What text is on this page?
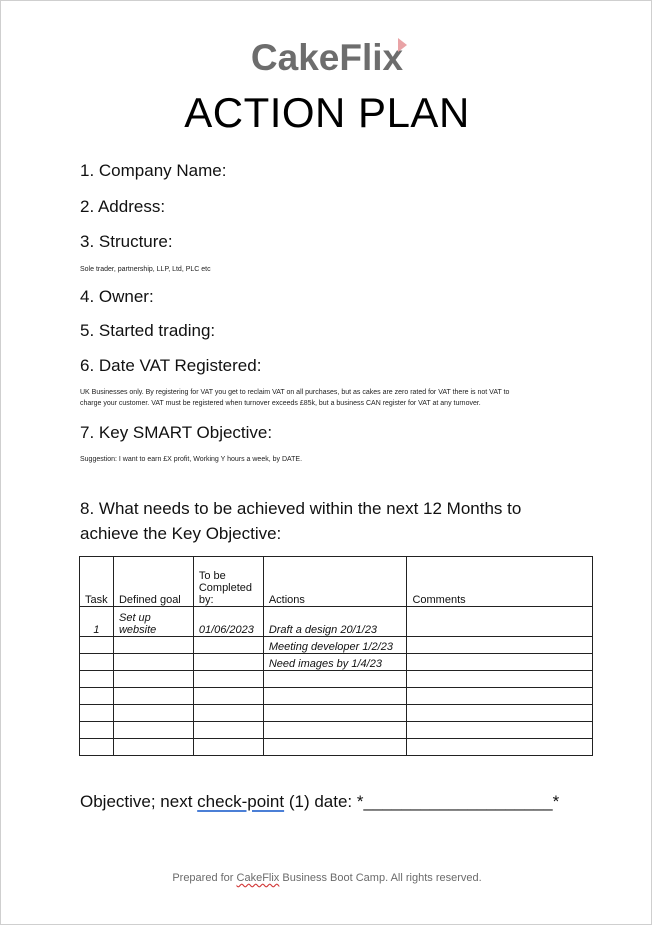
CakeFlix
ACTION PLAN
1. Company Name:
2. Address:
3. Structure:
Sole trader, partnership, LLP, Ltd, PLC etc
4. Owner:
5. Started trading:
6. Date VAT Registered:
UK Businesses only. By registering for VAT you get to reclaim VAT on all purchases, but as cakes are zero rated for VAT there is not VAT to
charge your customer. VAT must be registered when turnover exceeds £85k, but a business CAN register for VAT at any turnover.
7. Key SMART Objective:
Suggestion: I want to earn £X profit, Working Y hours a week, by DATE.
8. What needs to be achieved within the next 12 Months to achieve the Key Objective:
Task	Defined goal	To be Completed by:	Actions	Comments
1	Set up website	01/06/2023	Draft a design 20/1/23	
			Meeting developer 1/2/23	
			Need images by 1/4/23	

Objective; next check-point (1) date: *____________________*
Prepared for CakeFlix Business Boot Camp. All rights reserved.
